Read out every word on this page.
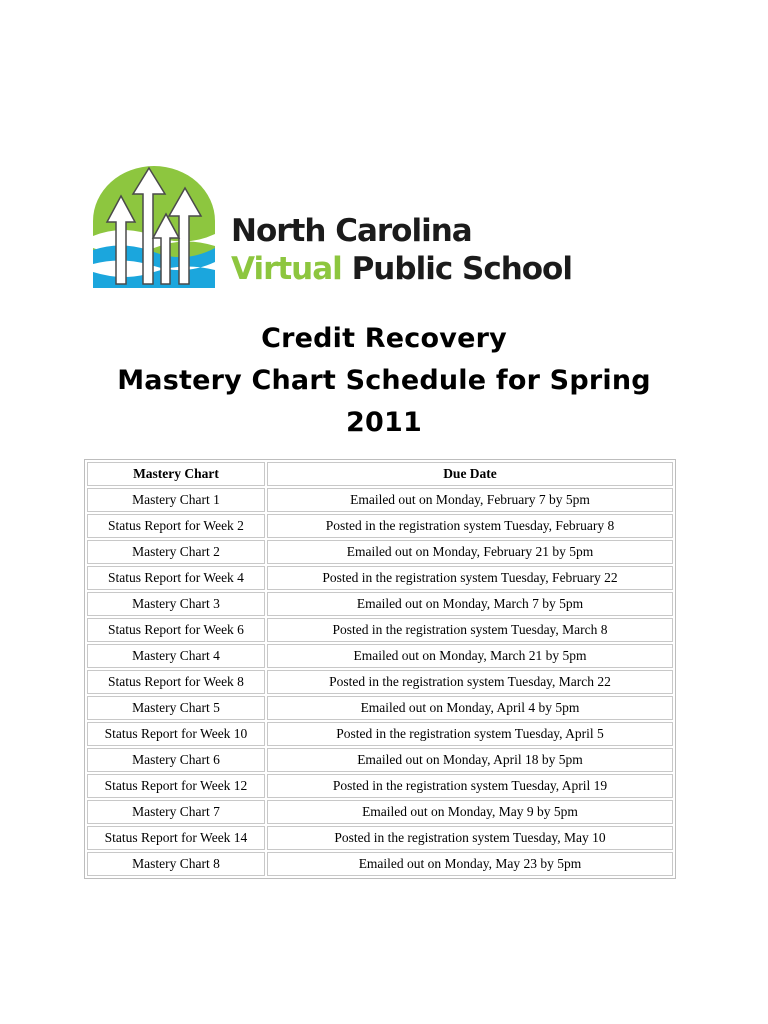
North Carolina
Virtual Public School
Credit Recovery
Mastery Chart Schedule for Spring
2011
Mastery Chart	Due Date
Mastery Chart 1	Emailed out on Monday, February 7 by 5pm
Status Report for Week 2	Posted in the registration system Tuesday, February 8
Mastery Chart 2	Emailed out on Monday, February 21 by 5pm
Status Report for Week 4	Posted in the registration system Tuesday, February 22
Mastery Chart 3	Emailed out on Monday, March 7 by 5pm
Status Report for Week 6	Posted in the registration system Tuesday, March 8
Mastery Chart 4	Emailed out on Monday, March 21 by 5pm
Status Report for Week 8	Posted in the registration system Tuesday, March 22
Mastery Chart 5	Emailed out on Monday, April 4 by 5pm
Status Report for Week 10	Posted in the registration system Tuesday, April 5
Mastery Chart 6	Emailed out on Monday, April 18 by 5pm
Status Report for Week 12	Posted in the registration system Tuesday, April 19
Mastery Chart 7	Emailed out on Monday, May 9 by 5pm
Status Report for Week 14	Posted in the registration system Tuesday, May 10
Mastery Chart 8	Emailed out on Monday, May 23 by 5pm
